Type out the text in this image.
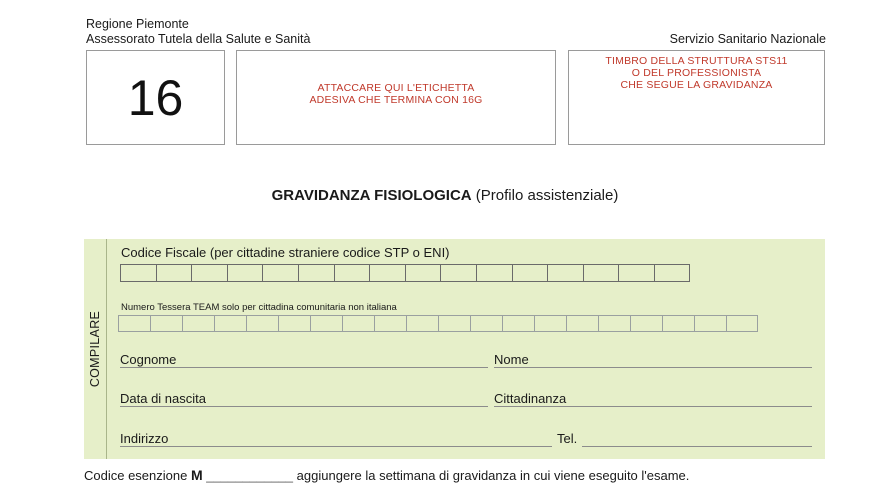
Regione Piemonte
Assessorato Tutela della Salute e Sanità	Servizio Sanitario Nazionale
16	ATTACCARE QUI L'ETICHETTA
ADESIVA CHE TERMINA CON 16G
TIMBRO DELLA STRUTTURA STS11
O DEL PROFESSIONISTA
CHE SEGUE LA GRAVIDANZA
GRAVIDANZA FISIOLOGICA (Profilo assistenziale)
COMPILARE
Codice Fiscale (per cittadine straniere codice STP o ENI)
Numero Tessera TEAM solo per cittadina comunitaria non italiana
Cognome	Nome
Data di nascita	Cittadinanza
Indirizzo	Tel.
Codice esenzione M ____________ aggiungere la settimana di gravidanza in cui viene eseguito l'esame.
